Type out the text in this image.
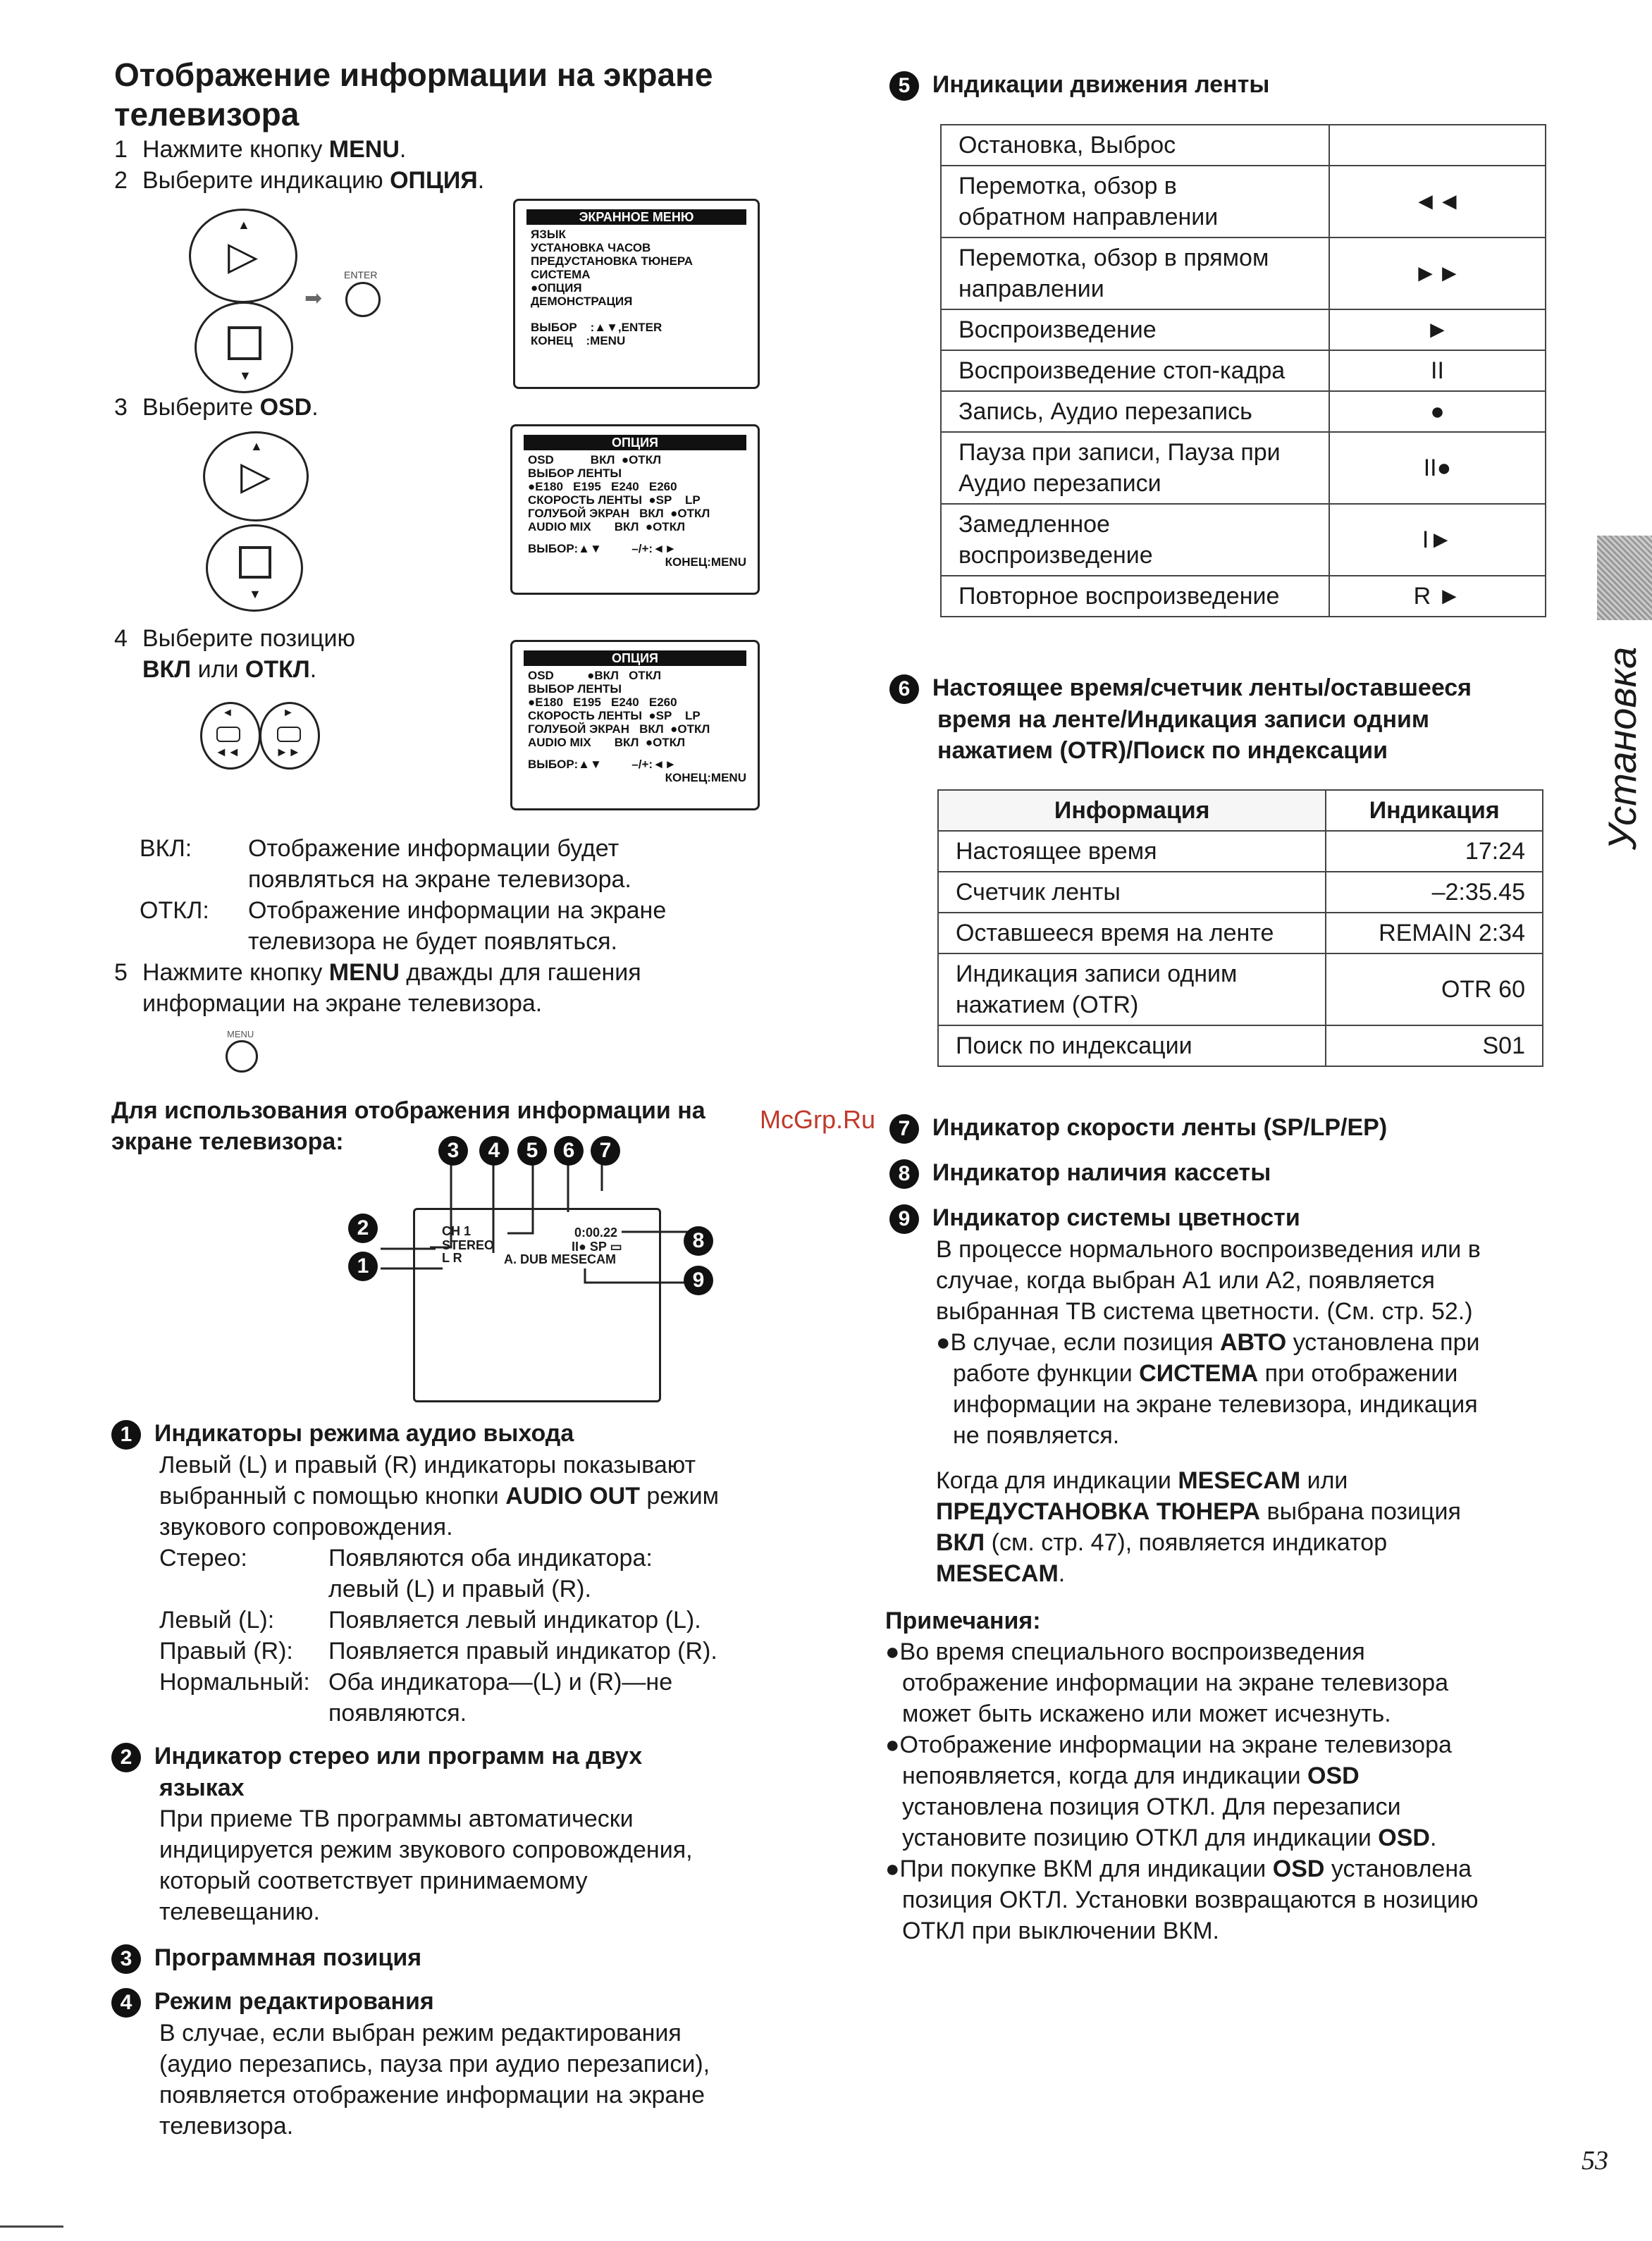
Отображение информации на экране телевизора
1 Нажмите кнопку MENU.
2 Выберите индикацию ОПЦИЯ.
▲
▷
▼
➡
ENTER
ЭКРАННОЕ МЕНЮ
ЯЗЫК
УСТАНОВКА ЧАСОВ
ПРЕДУСТАНОВКА ТЮНЕРА
СИСТЕМА
●ОПЦИЯ
ДЕМОНСТРАЦИЯ
ВЫБОР    :▲▼,ENTER
КОНЕЦ    :MENU
3 Выберите OSD.
▲
▷
▼
ОПЦИЯ
OSD           ВКЛ  ●ОТКЛ
ВЫБОР ЛЕНТЫ
●E180   E195   E240   E260
СКОРОСТЬ ЛЕНТЫ  ●SP    LP
ГОЛУБОЙ ЭКРАН   ВКЛ  ●ОТКЛ
AUDIO MIX       ВКЛ  ●ОТКЛ
ВЫБОР:▲▼         –/+:◄►
КОНЕЦ:MENU
4 Выберите позицию
ВКЛ или ОТКЛ.
◄
◄◄
►
►►
ОПЦИЯ
OSD          ●ВКЛ   ОТКЛ
ВЫБОР ЛЕНТЫ
●E180   E195   E240   E260
СКОРОСТЬ ЛЕНТЫ  ●SP    LP
ГОЛУБОЙ ЭКРАН   ВКЛ  ●ОТКЛ
AUDIO MIX       ВКЛ  ●ОТКЛ
ВЫБОР:▲▼         –/+:◄►
КОНЕЦ:MENU
ВКЛ: Отображение информации будет
появляться на экране телевизора.
ОТКЛ: Отображение информации на экране
телевизора не будет появляться.
5 Нажмите кнопку MENU дважды для гашения
информации на экране телевизора.
MENU
Для использования отображения информации на
экране телевизора:
CH 1
STEREO
L R	A. DUB MESECAM
0:00.22
II● SP ▭
3	4	5	6	7
2
1
8
9
1 Индикаторы режима аудио выхода
Левый (L) и правый (R) индикаторы показывают
выбранный с помощью кнопки AUDIO OUT режим
звукового сопровождения.
Стерео:	Появляются оба индикатора:
левый (L) и правый (R).
Левый (L): Появляется левый индикатор (L).
Правый (R): Появляется правый индикатор (R).
Нормальный: Оба индикатора—(L) и (R)—не
появляются.
2 Индикатор стерео или программ на двух
языках
При приеме ТВ программы автоматически
индицируется режим звукового сопровождения,
который соответствует принимаемому
телевещанию.
3 Программная позиция
4 Режим редактирования
В случае, если выбран режим редактирования
(аудио перезапись, пауза при аудио перезаписи),
появляется отображение информации на экране
телевизора.
5 Индикации движения ленты
Остановка, Выброс	

Перемотка, обзор в
обратном направлении	◄◄

Перемотка, обзор в прямом
направлении	►►

Воспроизведение	►

Воспроизведение стоп-кадра	II

Запись, Аудио перезапись	●

Пауза при записи, Пауза при
Аудио перезаписи	II●

Замедленное
воспроизведение	I►

Повторное воспроизведение	R ►
6 Настоящее время/счетчик ленты/оставшееся
время на ленте/Индикация записи одним
нажатием (OTR)/Поиск по индексации
Информация	Индикация

Настоящее время	17:24

Счетчик ленты	–2:35.45

Оставшееся время на ленте	REMAIN 2:34

Индикация записи одним
нажатием (OTR)	OTR 60

Поиск по индексации	S01
McGrp.Ru	7 Индикатор скорости ленты (SP/LP/EP)
8 Индикатор наличия кассеты
9 Индикатор системы цветности
В процессе нормального воспроизведения или в
случае, когда выбран A1 или A2, появляется
выбранная ТВ система цветности. (См. стр. 52.)
●В случае, если позиция АВТО установлена при
работе функции СИСТЕМА при отображении
информации на экране телевизора, индикация
не появляется.
Когда для индикации MESECAM или
ПРЕДУСТАНОВКА ТЮНЕРА выбрана позиция
ВКЛ (см. стр. 47), появляется индикатор
MESECAM.
Примечания:
●Во время специального воспроизведения
отображение информации на экране телевизора
может быть искажено или может исчезнуть.
●Отображение информации на экране телевизора
непоявляется, когда для индикации OSD
установлена позиция ОТКЛ. Для перезаписи
установите позицию ОТКЛ для индикации OSD.
●При покупке ВКМ для индикации OSD установлена
позиция ОКТЛ. Установки возвращаются в нозицию
ОТКЛ при выключении ВКМ.
Установка
53
